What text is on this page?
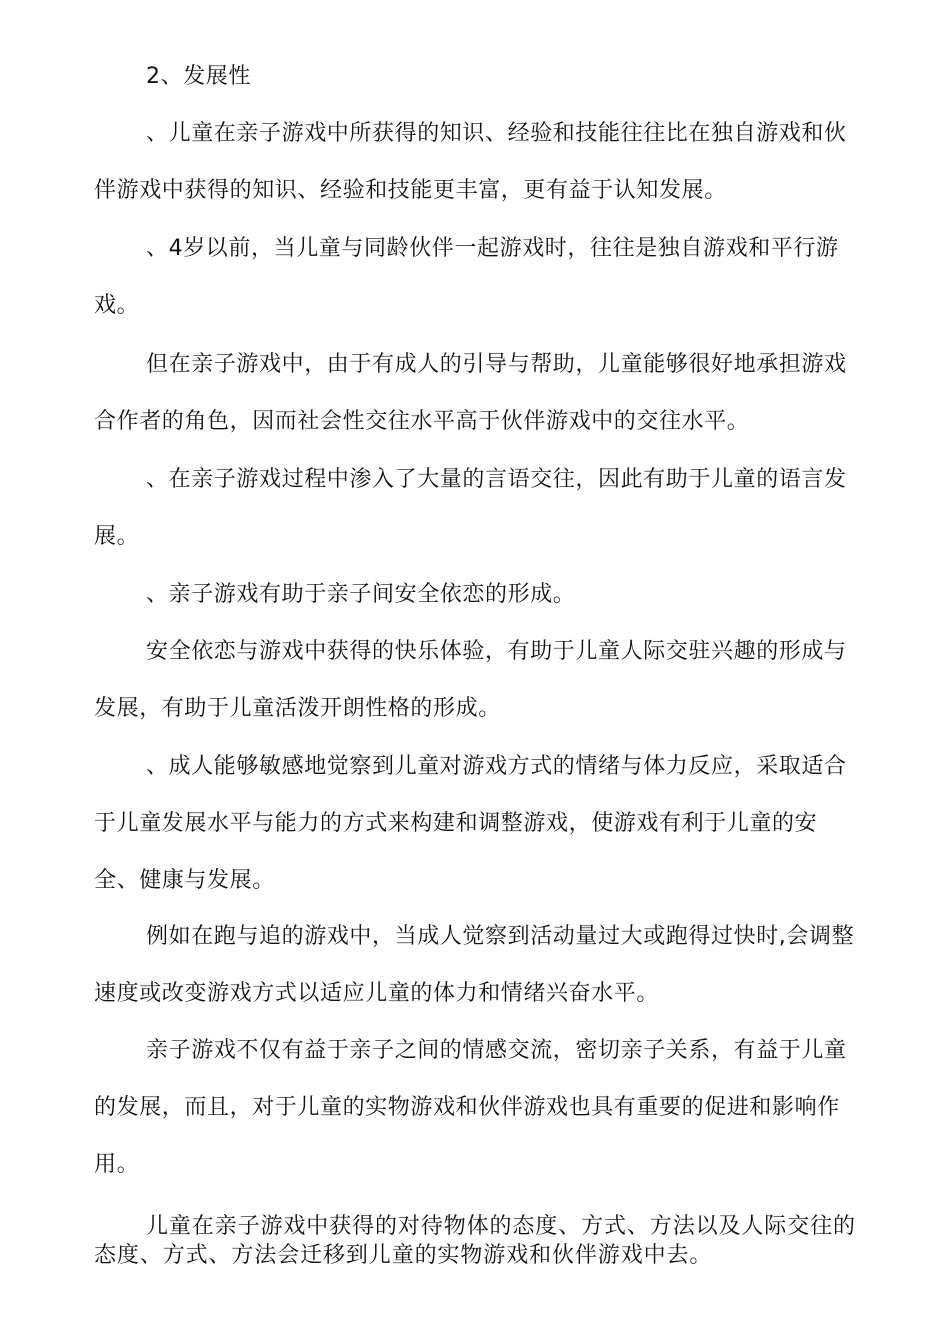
2、发展性

、儿童在亲子游戏中所获得的知识、经验和技能往往比在独自游戏和伙伴游戏中获得的知识、经验和技能更丰富，更有益于认知发展。

、4岁以前，当儿童与同龄伙伴一起游戏时，往往是独自游戏和平行游戏。

但在亲子游戏中，由于有成人的引导与帮助，儿童能够很好地承担游戏合作者的角色，因而社会性交往水平高于伙伴游戏中的交往水平。

、在亲子游戏过程中渗入了大量的言语交往，因此有助于儿童的语言发展。

、亲子游戏有助于亲子间安全依恋的形成。

安全依恋与游戏中获得的快乐体验，有助于儿童人际交驻兴趣的形成与发展，有助于儿童活泼开朗性格的形成。

、成人能够敏感地觉察到儿童对游戏方式的情绪与体力反应，采取适合于儿童发展水平与能力的方式来构建和调整游戏，使游戏有利于儿童的安全、健康与发展。

例如在跑与追的游戏中，当成人觉察到活动量过大或跑得过快时,会调整速度或改变游戏方式以适应儿童的体力和情绪兴奋水平。

亲子游戏不仅有益于亲子之间的情感交流，密切亲子关系，有益于儿童的发展，而且，对于儿童的实物游戏和伙伴游戏也具有重要的促进和影响作用。

儿童在亲子游戏中获得的对待物体的态度、方式、方法以及人际交往的态度、方式、方法会迁移到儿童的实物游戏和伙伴游戏中去。
